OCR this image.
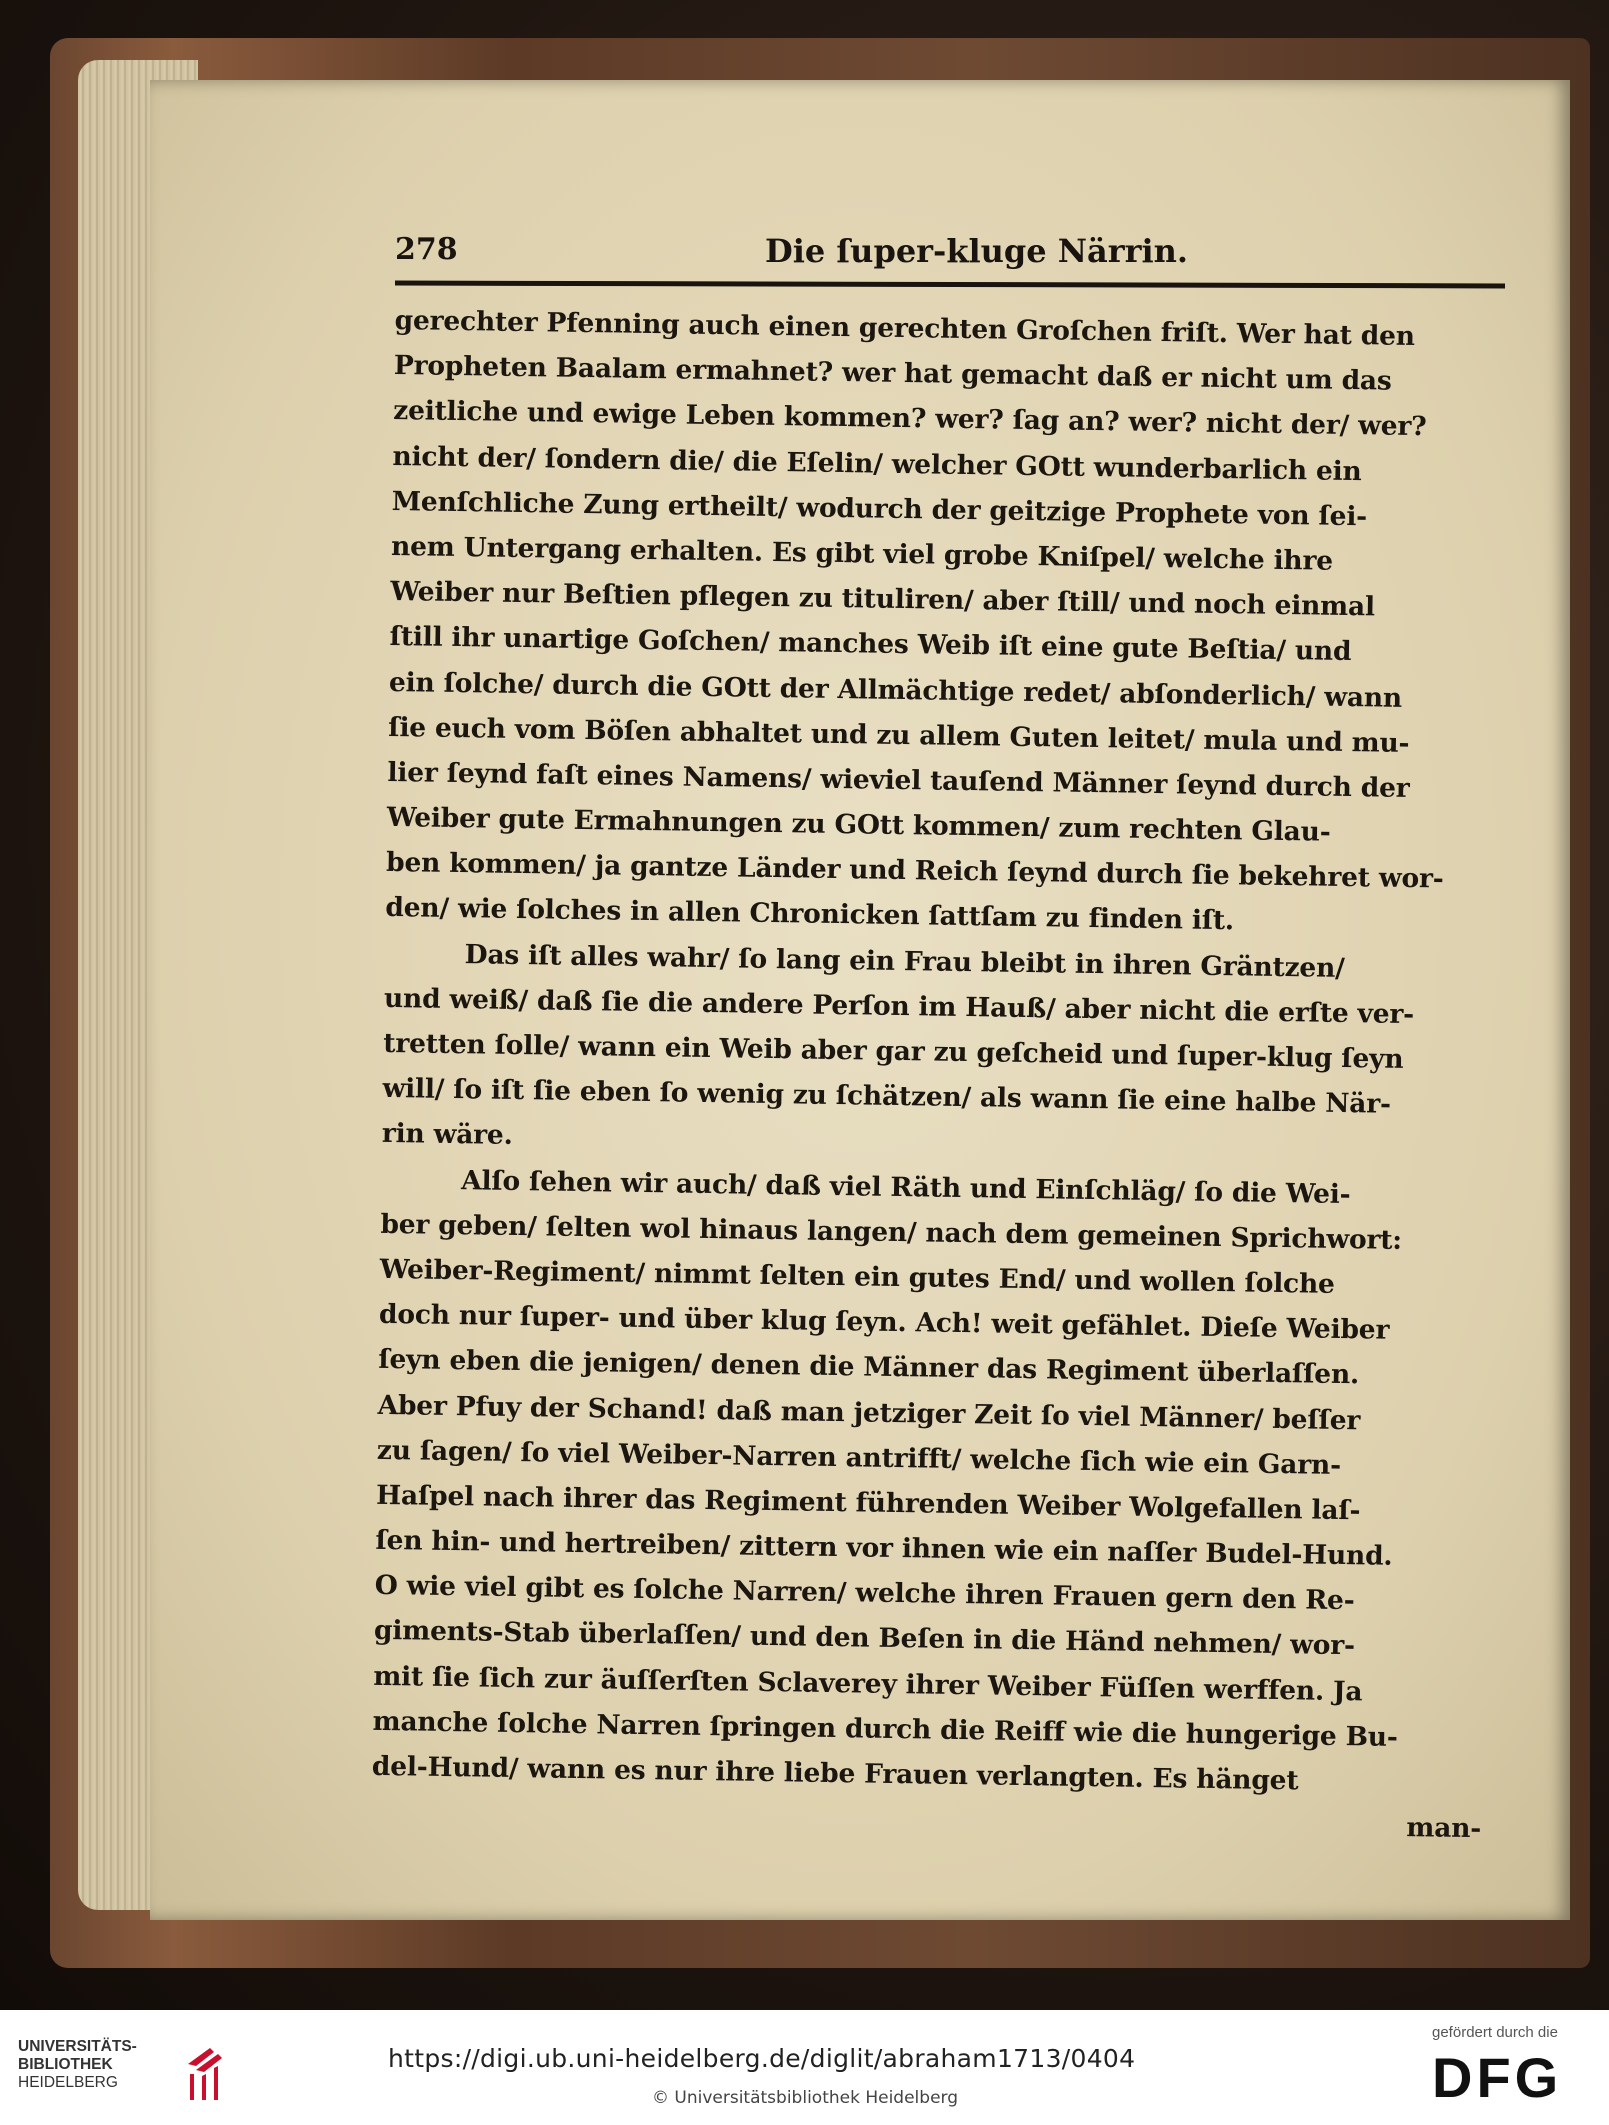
278	Die ſuper-kluge Närrin.
gerechter Pfenning auch einen gerechten Groſchen friſt. Wer hat den
Propheten Baalam ermahnet? wer hat gemacht daß er nicht um das
zeitliche und ewige Leben kommen? wer? ſag an? wer? nicht der/ wer?
nicht der/ ſondern die/ die Eſelin/ welcher GOtt wunderbarlich ein
Menſchliche Zung ertheilt/ wodurch der geitzige Prophete von ſei-
nem Untergang erhalten. Es gibt viel grobe Kniſpel/ welche ihre
Weiber nur Beſtien pflegen zu tituliren/ aber ſtill/ und noch einmal
ſtill ihr unartige Goſchen/ manches Weib iſt eine gute Beſtia/ und
ein ſolche/ durch die GOtt der Allmächtige redet/ abſonderlich/ wann
ſie euch vom Böſen abhaltet und zu allem Guten leitet/ mula und mu-
lier ſeynd faſt eines Namens/ wieviel tauſend Männer ſeynd durch der
Weiber gute Ermahnungen zu GOtt kommen/ zum rechten Glau-
ben kommen/ ja gantze Länder und Reich ſeynd durch ſie bekehret wor-
den/ wie ſolches in allen Chronicken ſattſam zu finden iſt.
Das iſt alles wahr/ ſo lang ein Frau bleibt in ihren Gräntzen/
und weiß/ daß ſie die andere Perſon im Hauß/ aber nicht die erſte ver-
tretten ſolle/ wann ein Weib aber gar zu geſcheid und ſuper-klug ſeyn
will/ ſo iſt ſie eben ſo wenig zu ſchätzen/ als wann ſie eine halbe När-
rin wäre.
Alſo ſehen wir auch/ daß viel Räth und Einſchläg/ ſo die Wei-
ber geben/ ſelten wol hinaus langen/ nach dem gemeinen Sprichwort:
Weiber-Regiment/ nimmt ſelten ein gutes End/ und wollen ſolche
doch nur ſuper- und über klug ſeyn. Ach! weit gefählet. Dieſe Weiber
ſeyn eben die jenigen/ denen die Männer das Regiment überlaſſen.
Aber Pfuy der Schand! daß man jetziger Zeit ſo viel Männer/ beſſer
zu ſagen/ ſo viel Weiber-Narren antrifft/ welche ſich wie ein Garn-
Haſpel nach ihrer das Regiment führenden Weiber Wolgefallen laſ-
ſen hin- und hertreiben/ zittern vor ihnen wie ein naſſer Budel-Hund.
O wie viel gibt es ſolche Narren/ welche ihren Frauen gern den Re-
giments-Stab überlaſſen/ und den Beſen in die Händ nehmen/ wor-
mit ſie ſich zur äuſſerſten Sclaverey ihrer Weiber Füſſen werffen. Ja
manche ſolche Narren ſpringen durch die Reiff wie die hungerige Bu-
del-Hund/ wann es nur ihre liebe Frauen verlangten. Es hänget
man-
UNIVERSITÄTS-
BIBLIOTHEK
HEIDELBERG
https://digi.ub.uni-heidelberg.de/diglit/abraham1713/0404
© Universitätsbibliothek Heidelberg
gefördert durch die
DFG
